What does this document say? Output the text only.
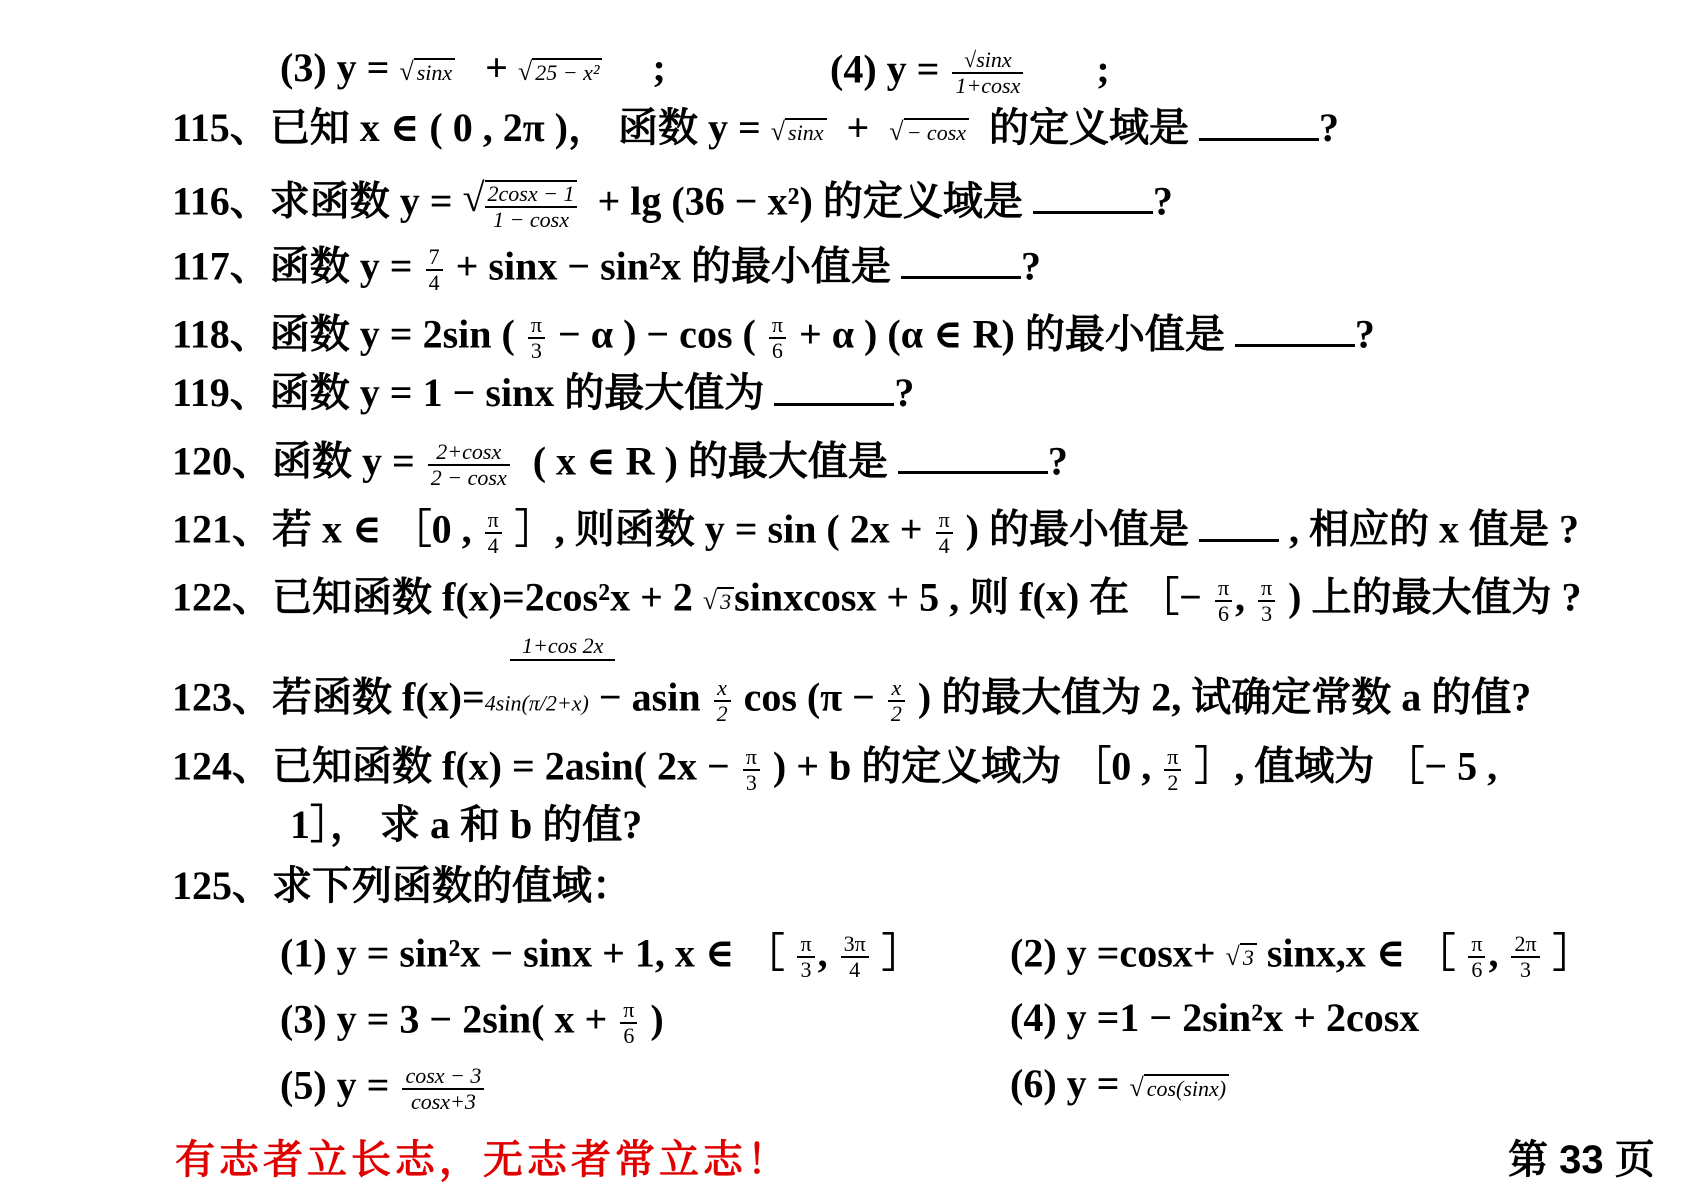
(3) y = √ sinx + √ 25 − x² ;	(4) $y = \frac{√\sin x}{1+\cos x}$ ;
115、已知 x ∈ ( 0 , 2π )， 函数 y = √ sinx + √ − cosx 的定义域是	?
116、求函数 y = √ $\frac{2\cos x - 1}{1 - \cos x} + \lg (36 - x^2)$ 的定义域是	?
117、函数 $y = \frac{7}{4} + \sin x - \sin^2x$ 的最小值是	?
118、函数 y = 2sin ( $\frac{\pi}{3} - \alpha$ ) − cos ( $\frac{\pi}{6} + \alpha$ ) (α ∈ R) 的最小值是	?
119、函数 y = 1 − sinx 的最大值为	?
120、函数 $y = \frac{2+\cos x}{2 - \cos x}$ ( x ∈ R ) 的最大值是	?
121、若 x ∈ ［0 , $\frac{\pi}{4}$ ］, 则函数 y = sin ( $2x + \frac{\pi}{4}$ ) 的最小值是	, 相应的 x 值是 ?
122、已知函数 f(x)=2cos²x + 2 √ 3sinxcosx + 5 , 则 f(x) 在 ［− $\frac{\pi}{6}$ , $\frac{\pi}{3}$ ) 上的最大值为 ?
1+cos 2x
123、若函数 f(x)=4sin(π/2+x) − asin $\frac{x}{2}$ $\cos (\pi - \frac{x}{2}$ ) 的最大值为 2, 试确定常数 a 的值?
124、已知函数 f(x) = 2asin( $2x - \frac{\pi}{3}$ ) + b 的定义域为 ［0 , $\frac{\pi}{2}$ ］, 值域为 ［− 5 ,
1］， 求 a 和 b 的值?
125、求下列函数的值域：
(1) y = sin²x − sinx + 1, x ∈ ［ $\frac{\pi}{3}$ , $\frac{3\pi}{4}$ ］ (2) y =cosx+ √ 3 sinx,x ∈ ［ $\frac{\pi}{6}$ , $\frac{2\pi}{3}$ ］
(3) y = 3 − 2sin( $x + \frac{\pi}{6}$ )	(4) y =1 − 2sin²x + 2cosx
(5) $y = \frac{\cos x - 3}{\cos x+3}$	(6) y = √ cos(sinx)
有志者立长志，无志者常立志！	第 33 页
